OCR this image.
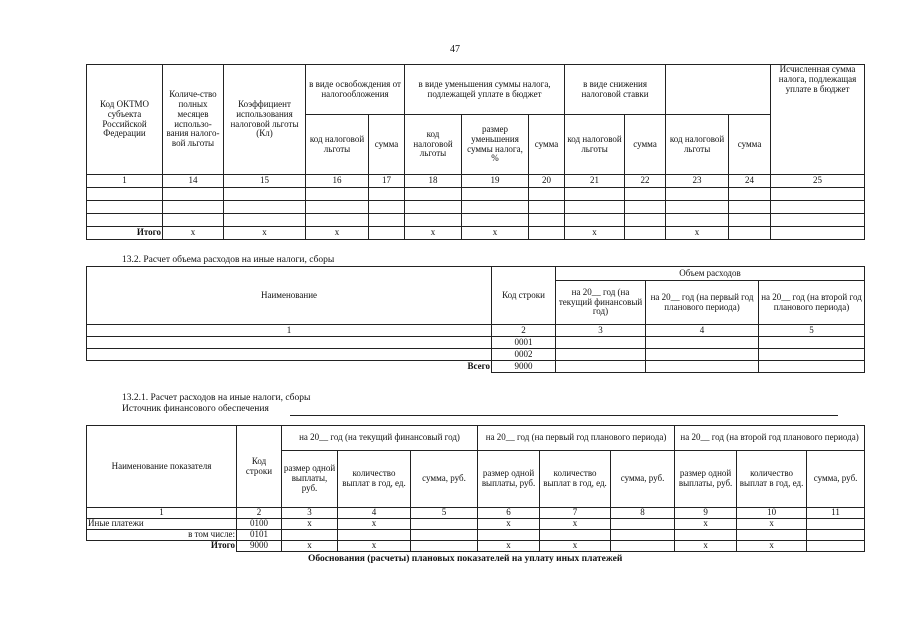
47
Код ОКТМО субъекта Российской Федерации	Количе-ство полных месяцев использо-вания налого-вой льготы	Коэффициент использования налоговой льготы (Кл)	в виде освобождения от налогообложения		в виде уменьшения суммы налога, подлежащей уплате в бюджет			в виде снижения налоговой ставки				Исчисленная сумма налога, подлежащая уплате в бюджет
			код налоговой льготы	сумма	код налоговой льготы	размер уменьшения суммы налога, %	сумма	код налоговой льготы	сумма	код налоговой льготы	сумма	
1	14	15	16	17	18	19	20	21	22	23	24	25

Итого	x	x	x		x	x		x		x		
13.2. Расчет объема расходов на иные налоги, сборы
Наименование	Код строки	Объем расходов		
		на 20__ год (на текущий финансовый год)	на 20__ год (на первый год планового периода)	на 20__ год (на второй год планового периода)
1	2	3	4	5
	0001			
	0002			
Всего	9000			
13.2.1. Расчет расходов на иные налоги, сборы
Источник финансового обеспечения
Наименование показателя	Код строки	на 20__ год (на текущий финансовый год)			на 20__ год (на первый год планового периода)			на 20__ год (на второй год планового периода)		
		размер одной выплаты, руб.	количество выплат в год, ед.	сумма, руб.	размер одной выплаты, руб.	количество выплат в год, ед.	сумма, руб.	размер одной выплаты, руб.	количество выплат в год, ед.	сумма, руб.
1	2	3	4	5	6	7	8	9	10	11
Иные платежи	0100	x	x		x	x		x	x	
в том числе:	0101									
Итого	9000	x	x		x	x		x	x	
Обоснования (расчеты) плановых показателей на уплату иных платежей
